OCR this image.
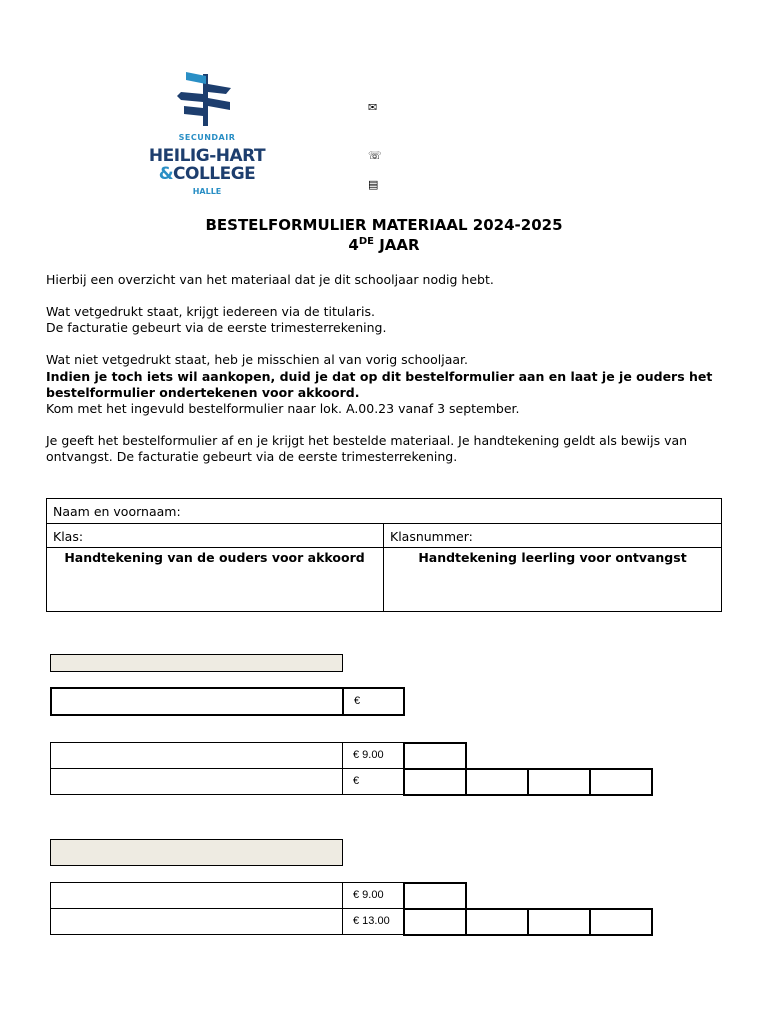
SECUNDAIR
HEILIG-HART
&COLLEGE
HALLE
✉
☏
▤
BESTELFORMULIER MATERIAAL 2024-2025
4DE JAAR
Hierbij een overzicht van het materiaal dat je dit schooljaar nodig hebt.
Wat vetgedrukt staat, krijgt iedereen via de titularis.
De facturatie gebeurt via de eerste trimesterrekening.
Wat niet vetgedrukt staat, heb je misschien al van vorig schooljaar.
Indien je toch iets wil aankopen, duid je dat op dit bestelformulier aan en laat je je ouders het bestelformulier ondertekenen voor akkoord.
Kom met het ingevuld bestelformulier naar lok. A.00.23 vanaf 3 september.
Je geeft het bestelformulier af en je krijgt het bestelde materiaal. Je handtekening geldt als bewijs van ontvangst. De facturatie gebeurt via de eerste trimesterrekening.
Naam en voornaam:
Klas:	Klasnummer:
Handtekening van de ouders voor akkoord	Handtekening leerling voor ontvangst
€
€ 9.00
€
€ 9.00
€ 13.00
